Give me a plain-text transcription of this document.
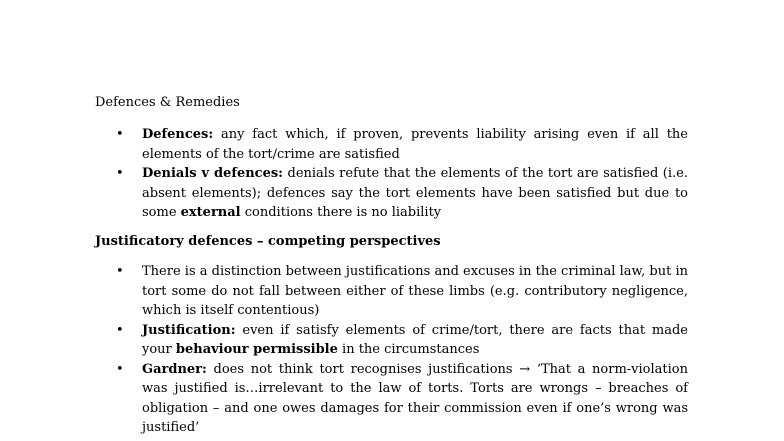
Defences & Remedies
• Defences: any fact which, if proven, prevents liability arising even if all the elements of the tort/crime are satisfied
• Denials v defences: denials refute that the elements of the tort are satisfied (i.e. absent elements); defences say the tort elements have been satisfied but due to some external conditions there is no liability
Justificatory defences – competing perspectives
• There is a distinction between justifications and excuses in the criminal law, but in tort some do not fall between either of these limbs (e.g. contributory negligence, which is itself contentious)
• Justification: even if satisfy elements of crime/tort, there are facts that made your behaviour permissible in the circumstances
• Gardner: does not think tort recognises justifications → ‘That a norm-violation was justified is…irrelevant to the law of torts. Torts are wrongs – breaches of obligation – and one owes damages for their commission even if one’s wrong was justified’
